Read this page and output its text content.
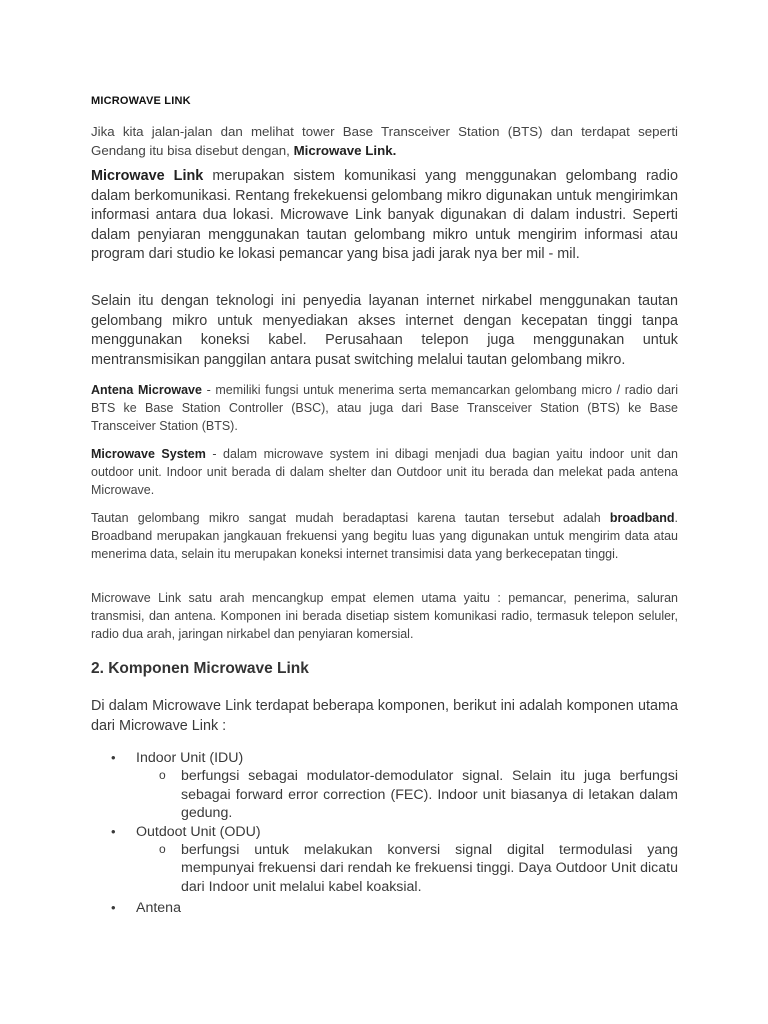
MICROWAVE LINK

Jika kita jalan-jalan dan melihat tower Base Transceiver Station (BTS) dan terdapat seperti Gendang itu bisa disebut dengan, Microwave Link.

Microwave Link merupakan sistem komunikasi yang menggunakan gelombang radio dalam berkomunikasi. Rentang frekekuensi gelombang mikro digunakan untuk mengirimkan informasi antara dua lokasi. Microwave Link banyak digunakan di dalam industri. Seperti dalam penyiaran menggunakan tautan gelombang mikro untuk mengirim informasi atau program dari studio ke lokasi pemancar yang bisa jadi jarak nya ber mil - mil.

Selain itu dengan teknologi ini penyedia layanan internet nirkabel menggunakan tautan gelombang mikro untuk menyediakan akses internet dengan kecepatan tinggi tanpa menggunakan koneksi kabel. Perusahaan telepon juga menggunakan untuk mentransmisikan panggilan antara pusat switching melalui tautan gelombang mikro.

Antena Microwave - memiliki fungsi untuk menerima serta memancarkan gelombang micro / radio dari BTS ke Base Station Controller (BSC), atau juga dari Base Transceiver Station (BTS) ke Base Transceiver Station (BTS).

Microwave System - dalam microwave system ini dibagi menjadi dua bagian yaitu indoor unit dan outdoor unit. Indoor unit berada di dalam shelter dan Outdoor unit itu berada dan melekat pada antena Microwave.

Tautan gelombang mikro sangat mudah beradaptasi karena tautan tersebut adalah broadband. Broadband merupakan jangkauan frekuensi yang begitu luas yang digunakan untuk mengirim data atau menerima data, selain itu merupakan koneksi internet transimisi data yang berkecepatan tinggi.

Microwave Link satu arah mencangkup empat elemen utama yaitu : pemancar, penerima, saluran transmisi, dan antena. Komponen ini berada disetiap sistem komunikasi radio, termasuk telepon seluler, radio dua arah, jaringan nirkabel dan penyiaran komersial.

2. Komponen Microwave Link

Di dalam Microwave Link terdapat beberapa komponen, berikut ini adalah komponen utama dari Microwave Link :

• Indoor Unit (IDU)
o berfungsi sebagai modulator-demodulator signal. Selain itu juga berfungsi sebagai forward error correction (FEC). Indoor unit biasanya di letakan dalam gedung.
• Outdoot Unit (ODU)
o berfungsi untuk melakukan konversi signal digital termodulasi yang mempunyai frekuensi dari rendah ke frekuensi tinggi. Daya Outdoor Unit dicatu dari Indoor unit melalui kabel koaksial.
• Antena
